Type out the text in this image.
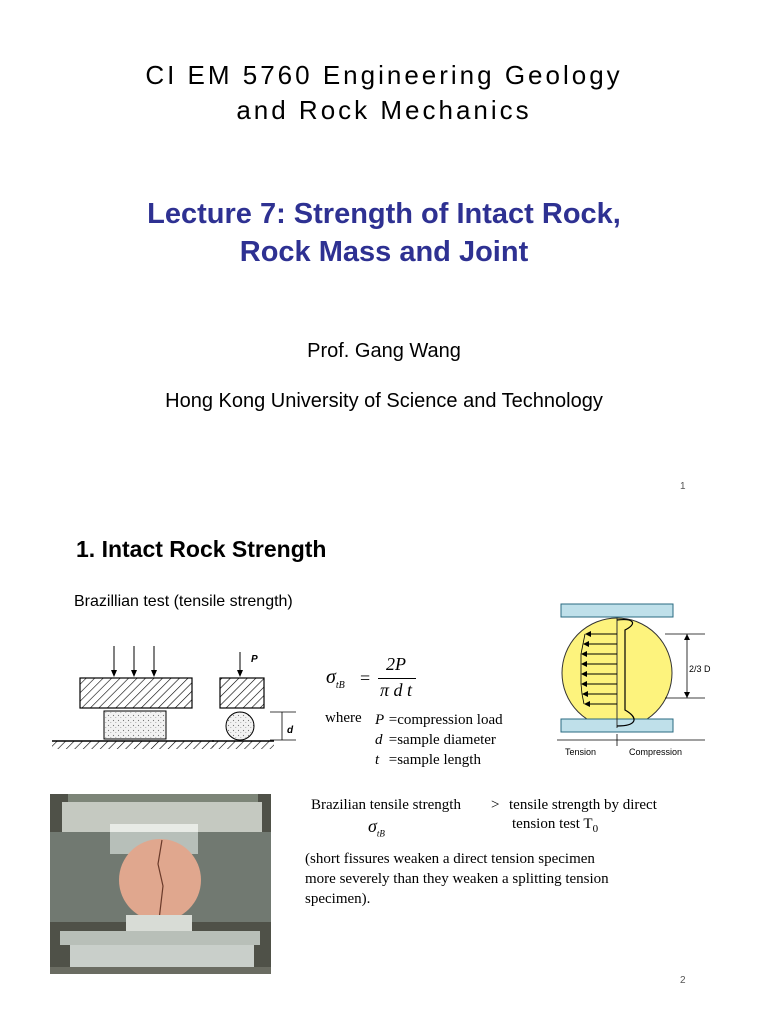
CI EM 5760 Engineering Geology
and Rock Mechanics
Lecture 7: Strength of Intact Rock,
Rock Mass and Joint
Prof. Gang Wang
Hong Kong University of Science and Technology
1
1. Intact Rock Strength
Brazillian test (tensile strength)
P
d
$\sigma_{tB}$ =
2P
π d t
where P =compression load
d =sample diameter
t =sample length
2/3 D
Tension	Compression
Brazilian tensile strength > tensile strength by direct
tension test $T_0$
$\sigma_{tB}$
(short fissures weaken a direct tension specimen
more severely than they weaken a splitting tension
specimen).
2
